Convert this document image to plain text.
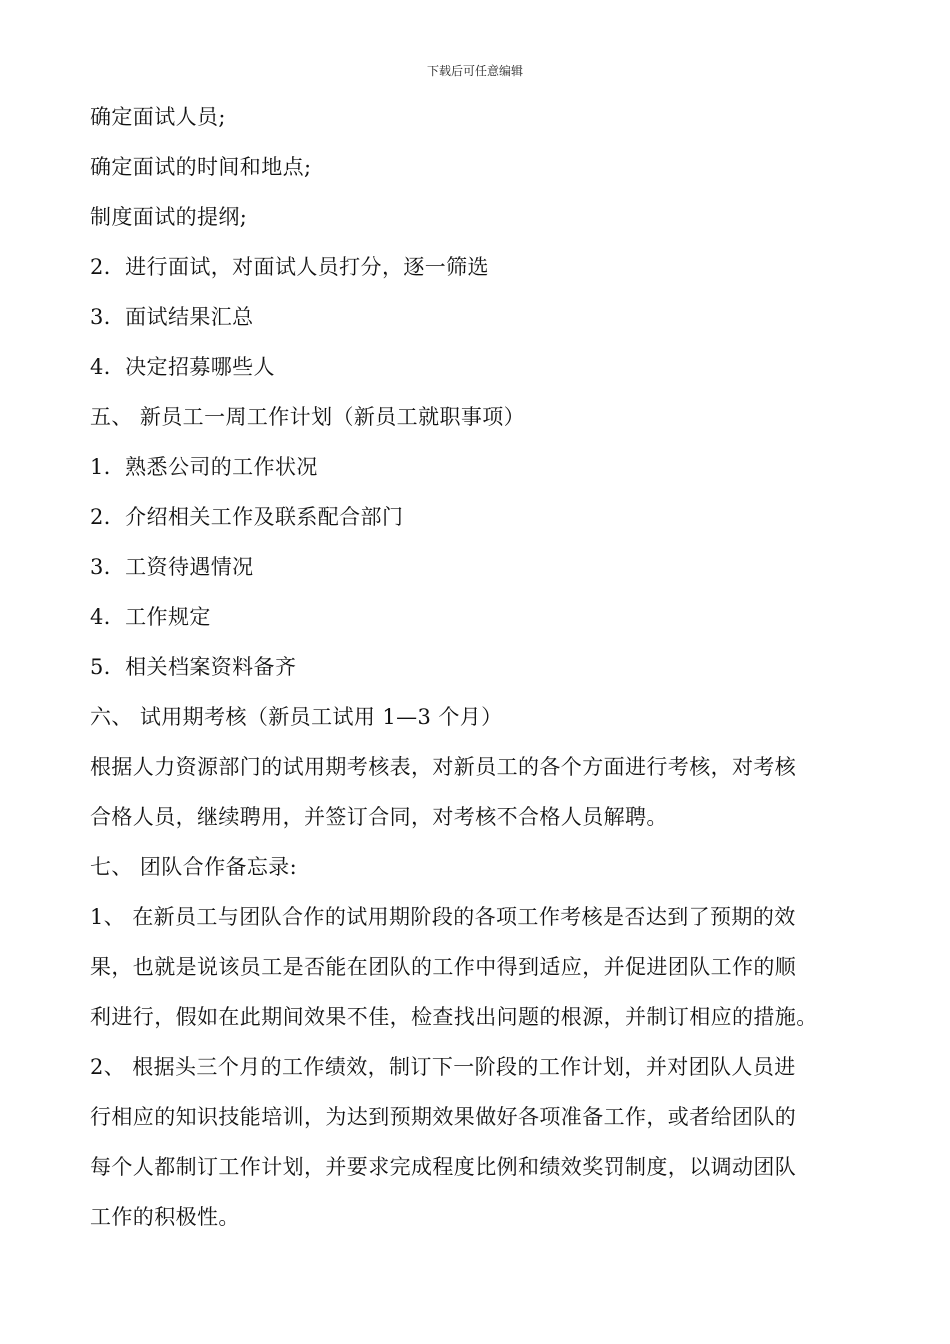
下载后可任意编辑
确定面试人员;
确定面试的时间和地点;
制度面试的提纲;
2．进行面试，对面试人员打分，逐一筛选
3．面试结果汇总
4．决定招募哪些人
五、 新员工一周工作计划（新员工就职事项）
1．熟悉公司的工作状况
2．介绍相关工作及联系配合部门
3．工资待遇情况
4．工作规定
5．相关档案资料备齐
六、 试用期考核（新员工试用 1—3 个月）
根据人力资源部门的试用期考核表，对新员工的各个方面进行考核，对考核
合格人员，继续聘用，并签订合同，对考核不合格人员解聘。
七、 团队合作备忘录:
1、 在新员工与团队合作的试用期阶段的各项工作考核是否达到了预期的效
果，也就是说该员工是否能在团队的工作中得到适应，并促进团队工作的顺
利进行，假如在此期间效果不佳，检查找出问题的根源，并制订相应的措施。
2、 根据头三个月的工作绩效，制订下一阶段的工作计划，并对团队人员进
行相应的知识技能培训，为达到预期效果做好各项准备工作，或者给团队的
每个人都制订工作计划，并要求完成程度比例和绩效奖罚制度，以调动团队
工作的积极性。
